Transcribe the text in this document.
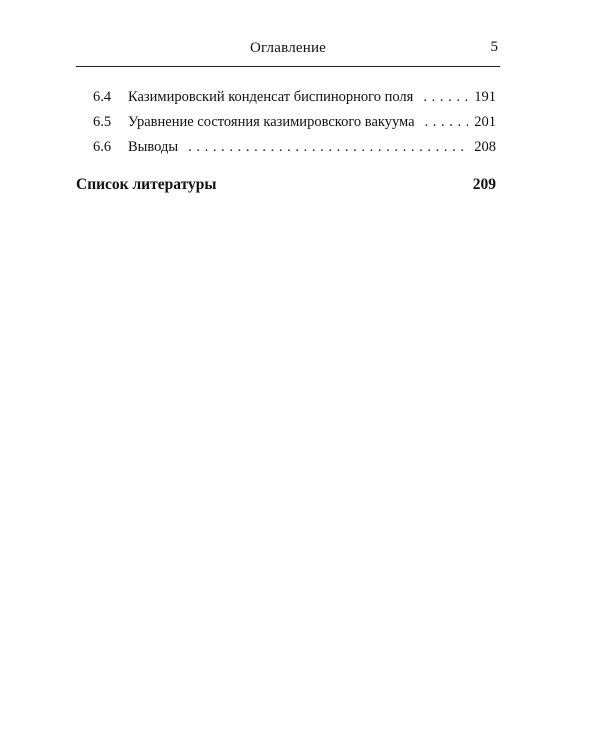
Оглавление	5
6.4 Казимировский конденсат биспинорного поля . . .	191
6.5 Уравнение состояния казимировского вакуума . . .	201
6.6 Выводы . . .	208
Список литературы	209
